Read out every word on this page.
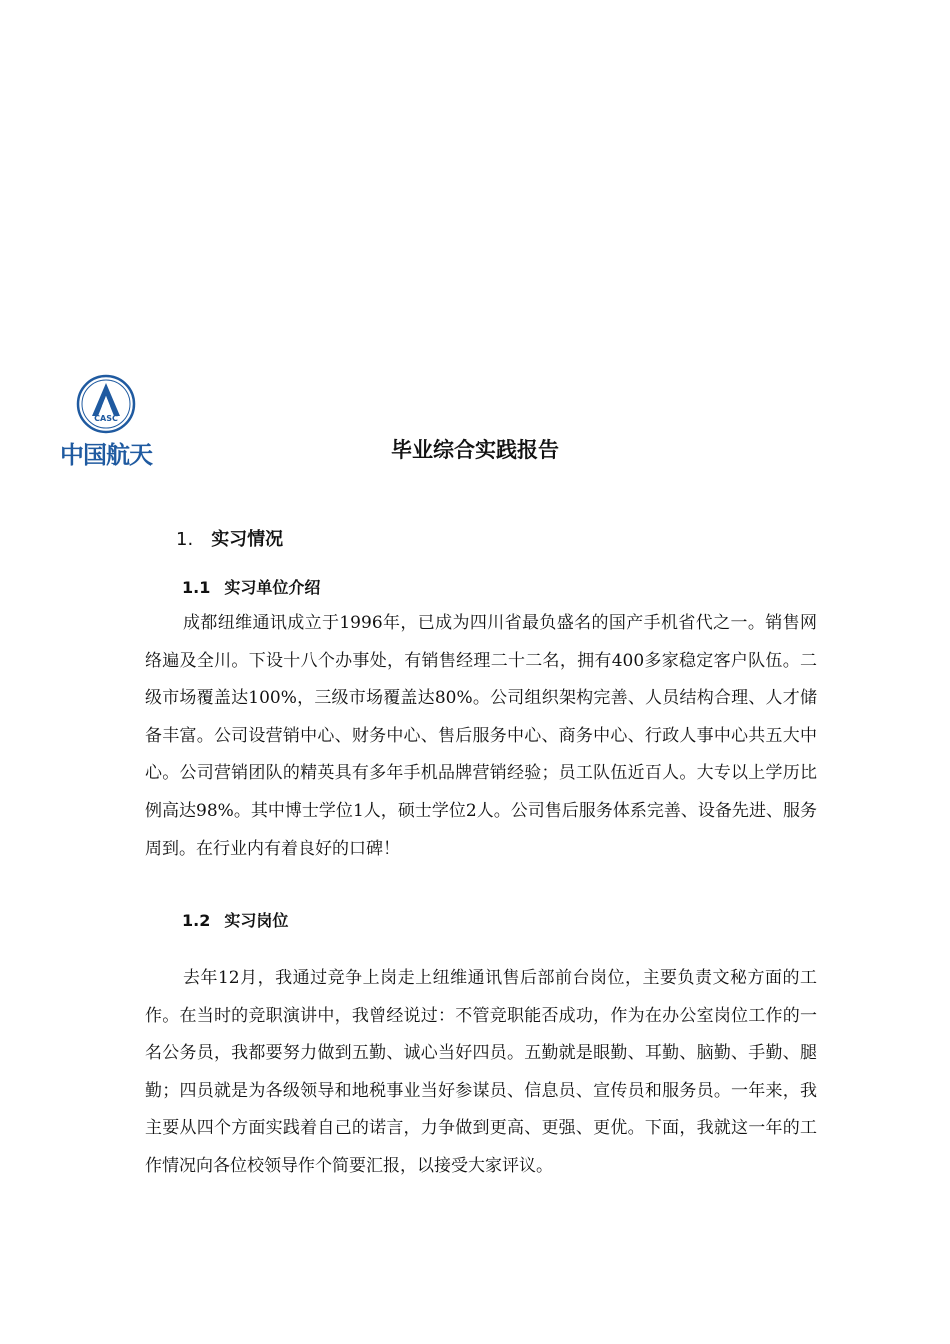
CASC
中国航天	毕业综合实践报告
1. 实习情况
1.1 实习单位介绍

成都纽维通讯成立于1996年，已成为四川省最负盛名的国产手机省代之一。销售网络遍及全川。下设十八个办事处，有销售经理二十二名，拥有400多家稳定客户队伍。二级市场覆盖达100%，三级市场覆盖达80%。公司组织架构完善、人员结构合理、人才储备丰富。公司设营销中心、财务中心、售后服务中心、商务中心、行政人事中心共五大中心。公司营销团队的精英具有多年手机品牌营销经验；员工队伍近百人。大专以上学历比例高达98%。其中博士学位1人，硕士学位2人。公司售后服务体系完善、设备先进、服务周到。在行业内有着良好的口碑！

1.2 实习岗位

去年12月，我通过竞争上岗走上纽维通讯售后部前台岗位，主要负责文秘方面的工作。在当时的竞职演讲中，我曾经说过：不管竞职能否成功，作为在办公室岗位工作的一名公务员，我都要努力做到五勤、诚心当好四员。五勤就是眼勤、耳勤、脑勤、手勤、腿勤；四员就是为各级领导和地税事业当好参谋员、信息员、宣传员和服务员。一年来，我主要从四个方面实践着自己的诺言，力争做到更高、更强、更优。下面，我就这一年的工作情况向各位校领导作个简要汇报，以接受大家评议。
